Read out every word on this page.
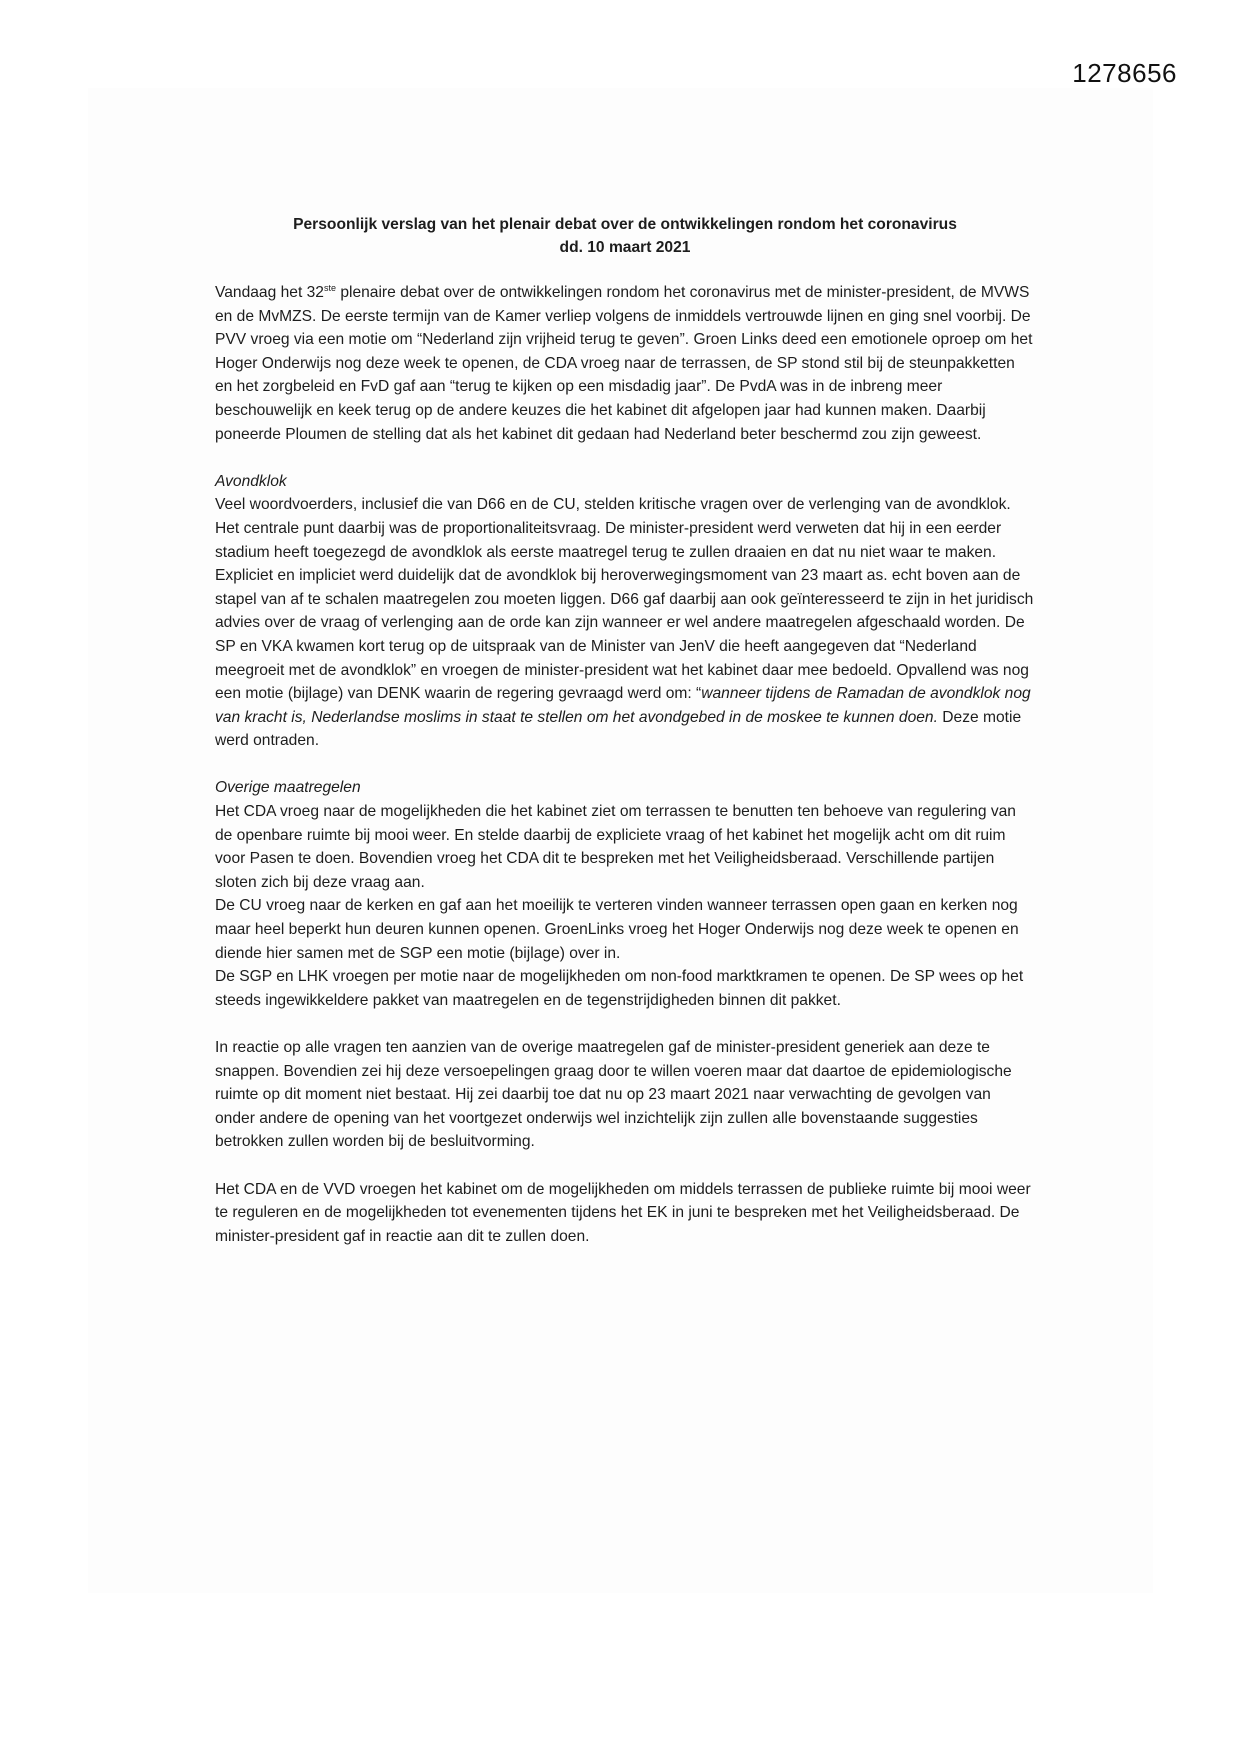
1278656
Persoonlijk verslag van het plenair debat over de ontwikkelingen rondom het coronavirus
dd. 10 maart 2021

Vandaag het 32ste plenaire debat over de ontwikkelingen rondom het coronavirus met de minister-president, de MVWS en de MvMZS. De eerste termijn van de Kamer verliep volgens de inmiddels vertrouwde lijnen en ging snel voorbij. De PVV vroeg via een motie om “Nederland zijn vrijheid terug te geven”. Groen Links deed een emotionele oproep om het Hoger Onderwijs nog deze week te openen, de CDA vroeg naar de terrassen, de SP stond stil bij de steunpakketten en het zorgbeleid en FvD gaf aan “terug te kijken op een misdadig jaar”. De PvdA was in de inbreng meer beschouwelijk en keek terug op de andere keuzes die het kabinet dit afgelopen jaar had kunnen maken. Daarbij poneerde Ploumen de stelling dat als het kabinet dit gedaan had Nederland beter beschermd zou zijn geweest.

Avondklok

Veel woordvoerders, inclusief die van D66 en de CU, stelden kritische vragen over de verlenging van de avondklok. Het centrale punt daarbij was de proportionaliteitsvraag. De minister-president werd verweten dat hij in een eerder stadium heeft toegezegd de avondklok als eerste maatregel terug te zullen draaien en dat nu niet waar te maken. Expliciet en impliciet werd duidelijk dat de avondklok bij heroverwegingsmoment van 23 maart as. echt boven aan de stapel van af te schalen maatregelen zou moeten liggen. D66 gaf daarbij aan ook geïnteresseerd te zijn in het juridisch advies over de vraag of verlenging aan de orde kan zijn wanneer er wel andere maatregelen afgeschaald worden. De SP en VKA kwamen kort terug op de uitspraak van de Minister van JenV die heeft aangegeven dat “Nederland meegroeit met de avondklok” en vroegen de minister-president wat het kabinet daar mee bedoeld. Opvallend was nog een motie (bijlage) van DENK waarin de regering gevraagd werd om: “wanneer tijdens de Ramadan de avondklok nog van kracht is, Nederlandse moslims in staat te stellen om het avondgebed in de moskee te kunnen doen. Deze motie werd ontraden.

Overige maatregelen

Het CDA vroeg naar de mogelijkheden die het kabinet ziet om terrassen te benutten ten behoeve van regulering van de openbare ruimte bij mooi weer. En stelde daarbij de expliciete vraag of het kabinet het mogelijk acht om dit ruim voor Pasen te doen. Bovendien vroeg het CDA dit te bespreken met het Veiligheidsberaad. Verschillende partijen sloten zich bij deze vraag aan.

De CU vroeg naar de kerken en gaf aan het moeilijk te verteren vinden wanneer terrassen open gaan en kerken nog maar heel beperkt hun deuren kunnen openen. GroenLinks vroeg het Hoger Onderwijs nog deze week te openen en diende hier samen met de SGP een motie (bijlage) over in.

De SGP en LHK vroegen per motie naar de mogelijkheden om non-food marktkramen te openen. De SP wees op het steeds ingewikkeldere pakket van maatregelen en de tegenstrijdigheden binnen dit pakket.

In reactie op alle vragen ten aanzien van de overige maatregelen gaf de minister-president generiek aan deze te snappen. Bovendien zei hij deze versoepelingen graag door te willen voeren maar dat daartoe de epidemiologische ruimte op dit moment niet bestaat. Hij zei daarbij toe dat nu op 23 maart 2021 naar verwachting de gevolgen van onder andere de opening van het voortgezet onderwijs wel inzichtelijk zijn zullen alle bovenstaande suggesties betrokken zullen worden bij de besluitvorming.

Het CDA en de VVD vroegen het kabinet om de mogelijkheden om middels terrassen de publieke ruimte bij mooi weer te reguleren en de mogelijkheden tot evenementen tijdens het EK in juni te bespreken met het Veiligheidsberaad. De minister-president gaf in reactie aan dit te zullen doen.
